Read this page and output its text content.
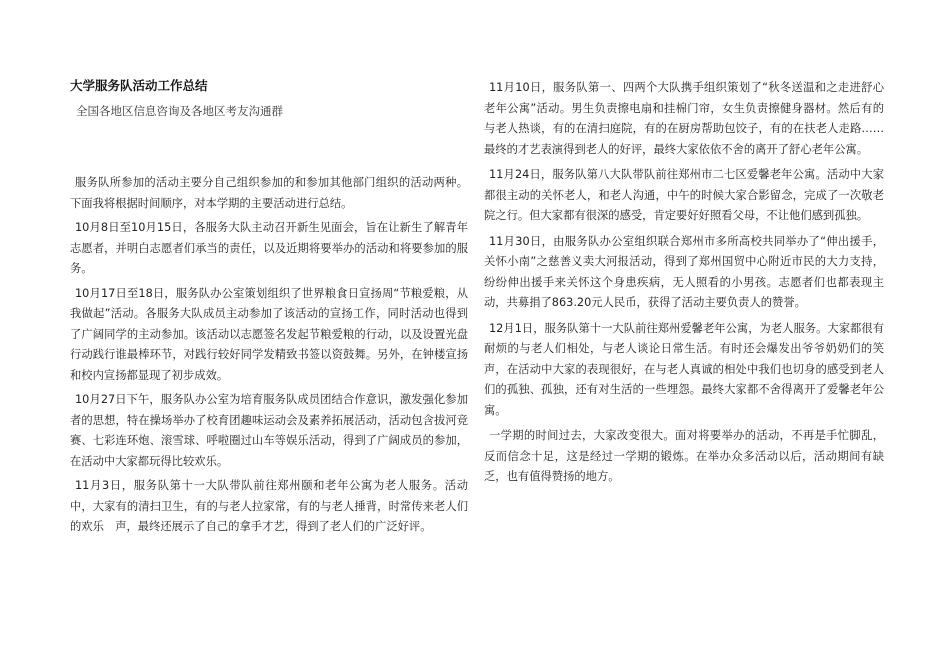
大学服务队活动工作总结
全国各地区信息咨询及各地区考友沟通群

服务队所参加的活动主要分自己组织参加的和参加其他部门组织的活动两种。下面我将根据时间顺序，对本学期的主要活动进行总结。

10月8日至10月15日，各服务大队主动召开新生见面会，旨在让新生了解青年志愿者，并明白志愿者们承当的责任，以及近期将要举办的活动和将要参加的服务。

10月17日至18日，服务队办公室策划组织了世界粮食日宣扬周“节粮爱粮，从我做起”活动。各服务大队成员主动参加了该活动的宣扬工作，同时活动也得到了广阔同学的主动参加。该活动以志愿签名发起节粮爱粮的行动，以及设置光盘行动践行谁最棒环节，对践行较好同学发精致书签以资鼓舞。另外，在钟楼宣扬和校内宣扬都显现了初步成效。

10月27日下午，服务队办公室为培育服务队成员团结合作意识，激发强化参加者的思想，特在操场举办了校育团趣味运动会及素养拓展活动，活动包含拔河竞赛、七彩连环炮、滚雪球、呼啦圈过山车等娱乐活动，得到了广阔成员的参加，在活动中大家都玩得比较欢乐。

11月3日，服务队第十一大队带队前往郑州颐和老年公寓为老人服务。活动中，大家有的清扫卫生，有的与老人拉家常，有的与老人捶背，时常传来老人们的欢乐　声，最终还展示了自己的拿手才艺，得到了老人们的广泛好评。

11月10日，服务队第一、四两个大队携手组织策划了“秋冬送温和之走进舒心老年公寓”活动。男生负责擦电扇和挂棉门帘，女生负责擦健身器材。然后有的与老人热谈，有的在清扫庭院，有的在厨房帮助包饺子，有的在扶老人走路……最终的才艺表演得到老人的好评，最终大家依依不舍的离开了舒心老年公寓。

11月24日，服务队第八大队带队前往郑州市二七区爱馨老年公寓。活动中大家都很主动的关怀老人，和老人沟通，中午的时候大家合影留念，完成了一次敬老院之行。但大家都有很深的感受，肯定要好好照看父母，不让他们感到孤独。

11月30日，由服务队办公室组织联合郑州市多所高校共同举办了“伸出援手，关怀小南”之慈善义卖大河报活动，得到了郑州国贸中心附近市民的大力支持，纷纷伸出援手来关怀这个身患疾病，无人照看的小男孩。志愿者们也都表现主动，共募捐了863.20元人民币，获得了活动主要负责人的赞誉。

12月1日，服务队第十一大队前往郑州爱馨老年公寓，为老人服务。大家都很有耐烦的与老人们相处，与老人谈论日常生活。有时还会爆发出爷爷奶奶们的笑声，在活动中大家的表现很好，在与老人真诚的相处中我们也切身的感受到老人们的孤独、孤独，还有对生活的一些埋怨。最终大家都不舍得离开了爱馨老年公寓。

一学期的时间过去，大家改变很大。面对将要举办的活动，不再是手忙脚乱，反而信念十足，这是经过一学期的锻炼。在举办众多活动以后，活动期间有缺乏，也有值得赞扬的地方。
